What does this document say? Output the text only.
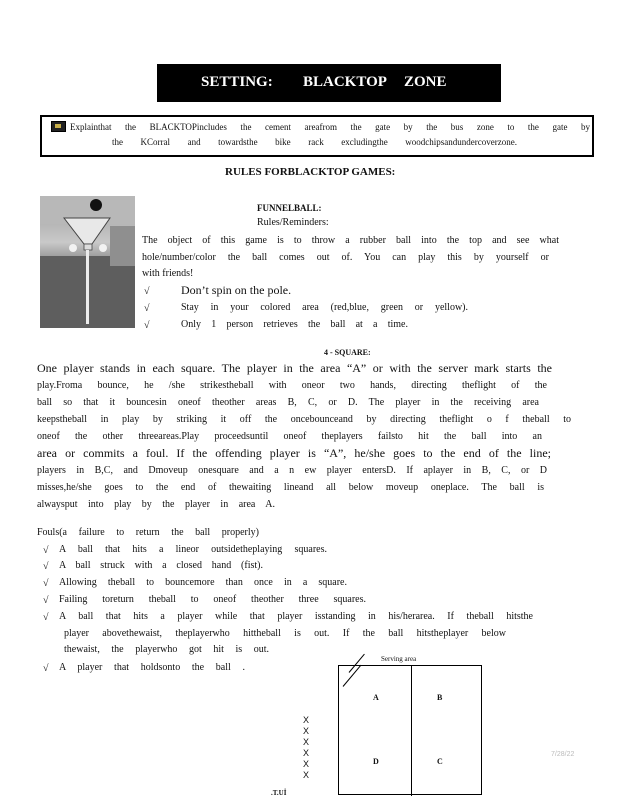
SETTING: BLACKTOP ZONE
Explainthat the BLACKTOPincludes the cement areafrom the gate by the bus zone to the gate by
the KCorral and towardsthe bike rack excludingthe woodchipsandundercoverzone.
RULES FORBLACKTOP GAMES:
FUNNELBALL:
Rules/Reminders:
The object of this game is to throw a rubber ball into the top and see what
hole/number/color the ball comes out of. You can play this by yourself or
with friends!
√	Don’t spin on the pole.
√	Stay in your colored area (red,blue, green or yellow).
√	Only 1 person retrieves the ball at a time.
4 - SQUARE:
One player stands in each square. The player in the area “A” or with the server mark starts the
play.Froma bounce, he /she strikestheball with oneor two hands, directing theflight of the
ball so that it bouncesin oneof theother areas B, C, or D. The player in the receiving area
keepstheball in play by striking it off the oncebounceand by directing theflight o f theball to
oneof the other threeareas.Play proceedsuntil oneof theplayers failsto hit the ball into an
area or commits a foul. If the offending player is “A”, he/she goes to the end of the line;
players in B,C, and Dmoveup onesquare and a n ew player entersD. If aplayer in B, C, or D
misses,he/she goes to the end of thewaiting lineand all below moveup oneplace. The ball is
alwaysput into play by the player in area A.
Fouls(a failure to return the ball properly)
√ A ball that hits a lineor outsidetheplaying squares.
√ A ball struck with a closed hand (fist).
√ Allowing theball to bouncemore than once in a square.
√ Failing toreturn theball to oneof theother three squares.
√ A ball that hits a player while that player isstanding in his/herarea. If theball hitsthe
player abovethewaist, theplayerwho hittheball is out. If the ball hitstheplayer below
thewaist, the playerwho got hit is out.
√ A player that holdsonto the ball .
Serving area
A	B
D	C
X
X
X
X
X
X
7/28/22
.T.Uİ
